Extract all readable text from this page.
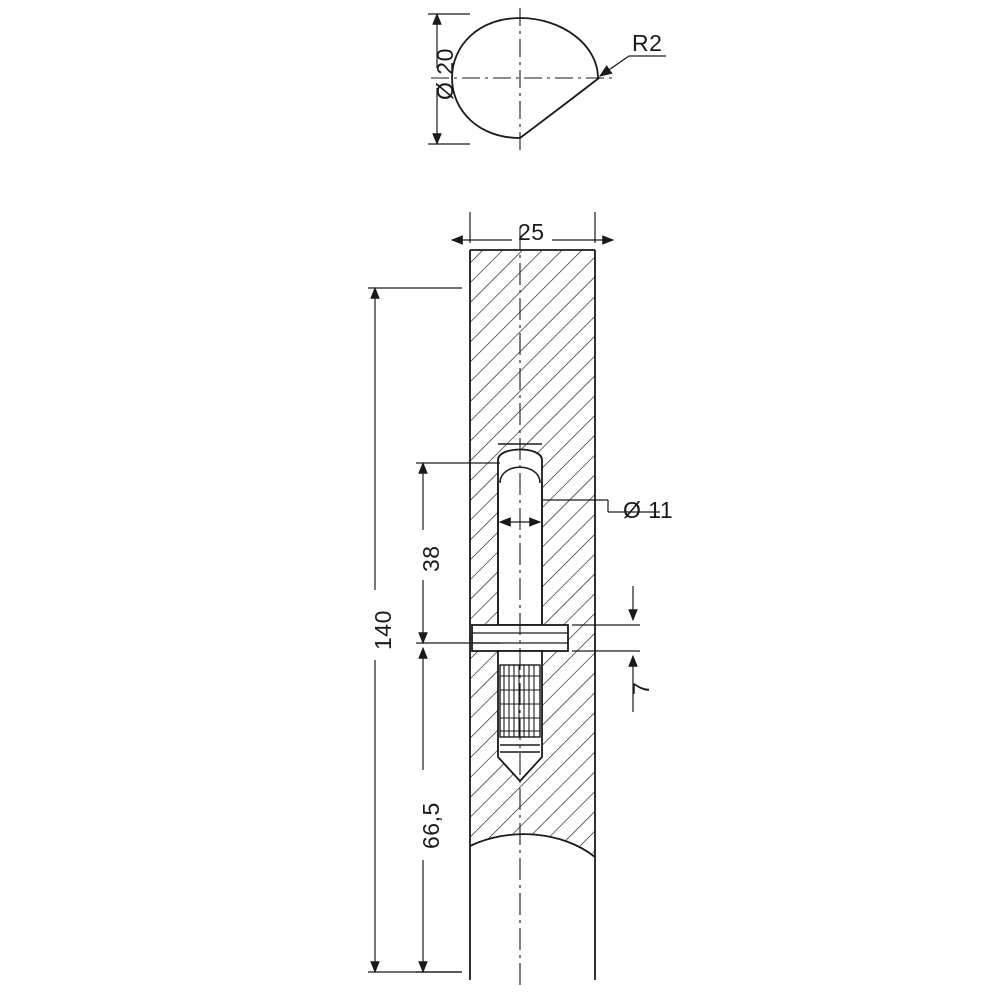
Ø 20
R2
25
140
38
66,5
Ø 11
7
